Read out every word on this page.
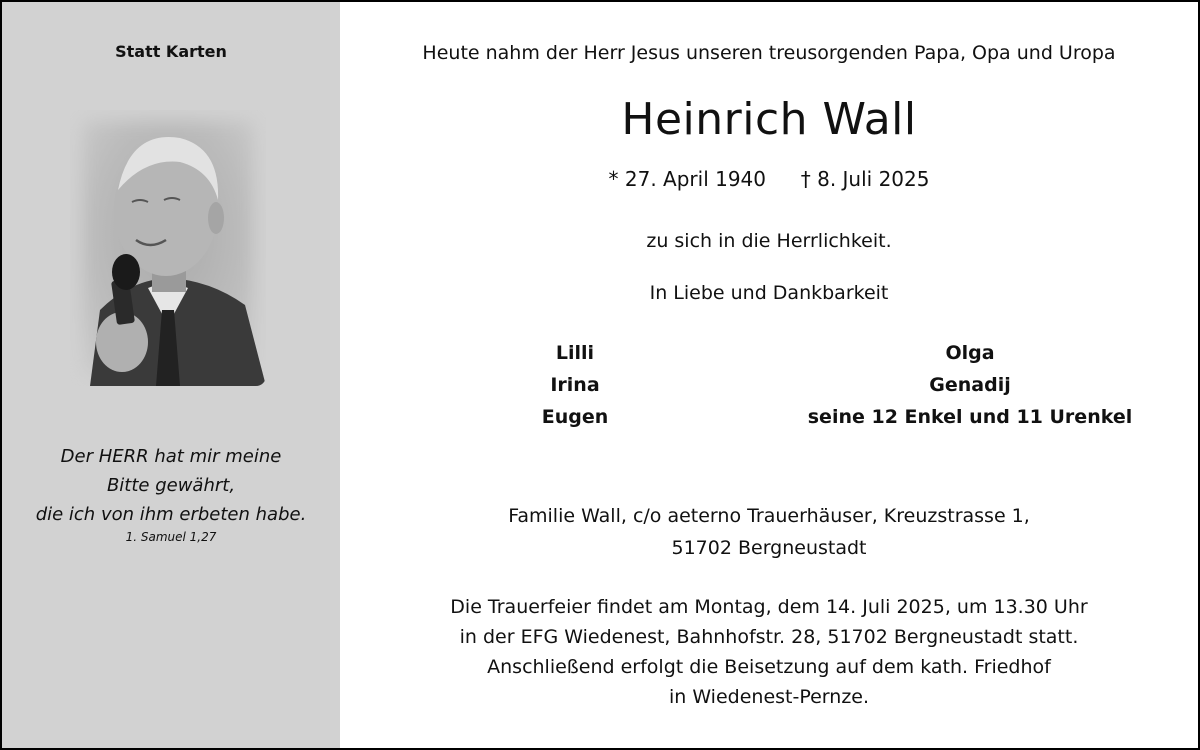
Statt Karten
Der HERR hat mir meine
Bitte gewährt,
die ich von ihm erbeten habe.
1. Samuel 1,27
Heute nahm der Herr Jesus unseren treusorgenden Papa, Opa und Uropa
Heinrich Wall
* 27. April 1940 † 8. Juli 2025
zu sich in die Herrlichkeit.
In Liebe und Dankbarkeit
Lilli
Irina
Eugen
Olga
Genadij
seine 12 Enkel und 11 Urenkel
Familie Wall, c/o aeterno Trauerhäuser, Kreuzstrasse 1,
51702 Bergneustadt
Die Trauerfeier findet am Montag, dem 14. Juli 2025, um 13.30 Uhr
in der EFG Wiedenest, Bahnhofstr. 28, 51702 Bergneustadt statt.
Anschließend erfolgt die Beisetzung auf dem kath. Friedhof
in Wiedenest-Pernze.
